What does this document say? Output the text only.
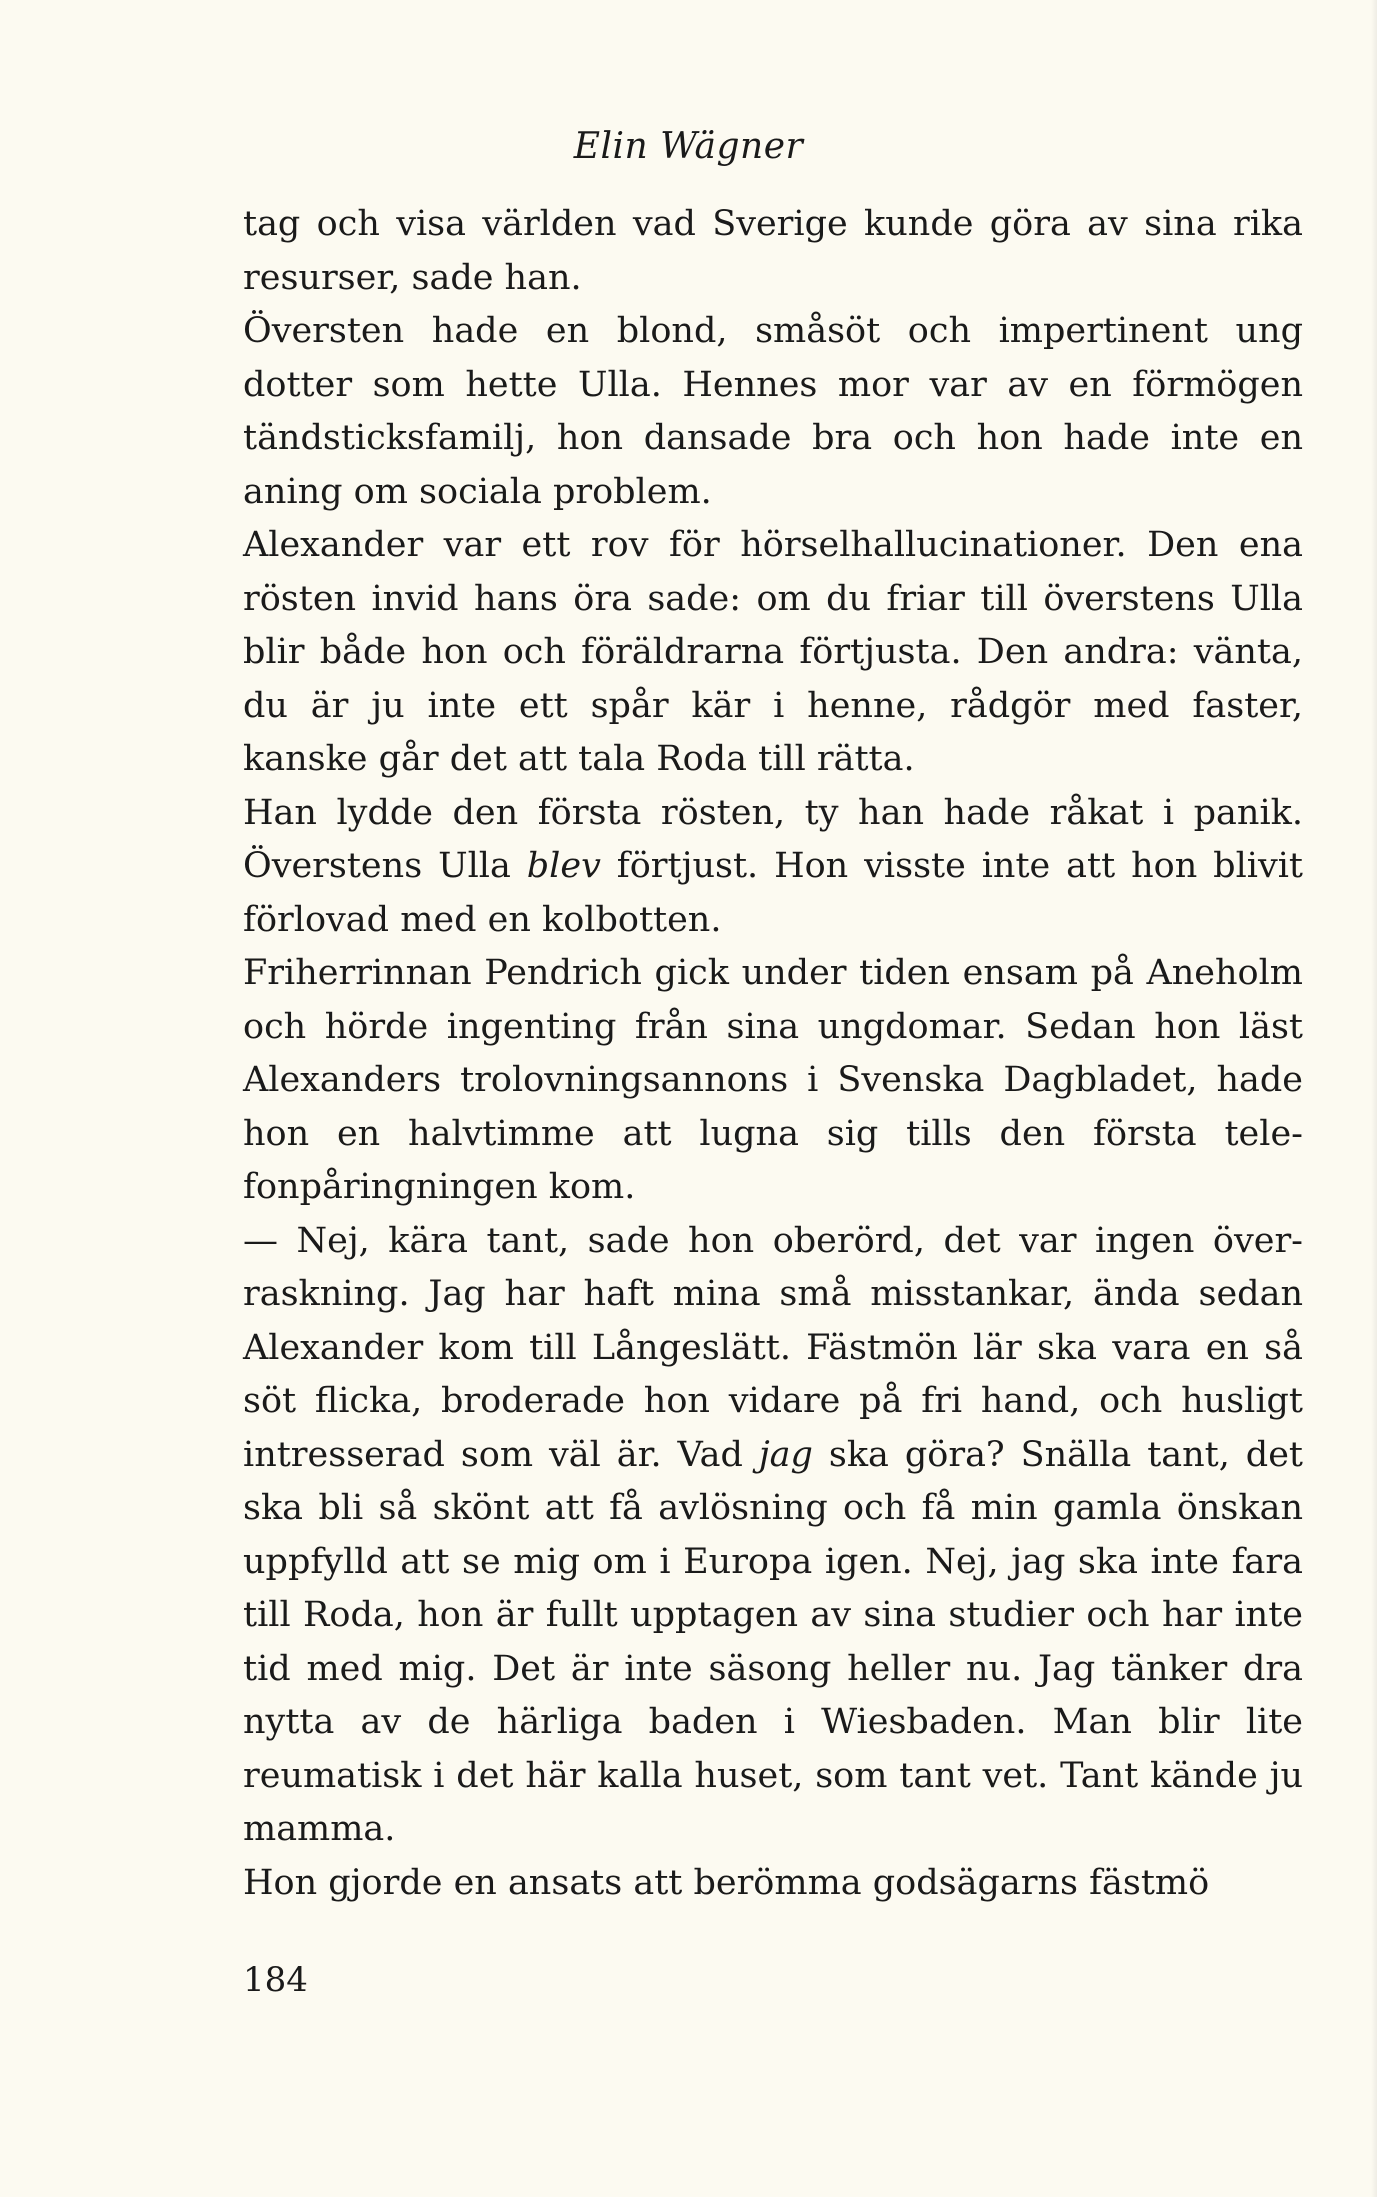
Elin Wägner

tag och visa världen vad Sverige kunde göra av sina rika resurser, sade han.

Översten hade en blond, småsöt och impertinent ung dotter som hette Ulla. Hennes mor var av en förmögen tändsticksfamilj, hon dansade bra och hon hade inte en aning om sociala problem.

Alexander var ett rov för hörselhallucinationer. Den ena rösten invid hans öra sade: om du friar till överstens Ulla blir både hon och föräldrarna förtjusta. Den andra: vänta, du är ju inte ett spår kär i henne, rådgör med faster, kanske går det att tala Roda till rätta.

Han lydde den första rösten, ty han hade råkat i panik. Överstens Ulla blev förtjust. Hon visste inte att hon blivit förlovad med en kolbotten.

Friherrinnan Pendrich gick under tiden ensam på Aneholm och hörde ingenting från sina ungdomar. Sedan hon läst Alexanders trolovningsannons i Svenska Dagbladet, hade hon en halvtimme att lugna sig tills den första telefonpåringningen kom.

— Nej, kära tant, sade hon oberörd, det var ingen överraskning. Jag har haft mina små misstankar, ända sedan Alexander kom till Långeslätt. Fästmön lär ska vara en så söt flicka, broderade hon vidare på fri hand, och husligt intresserad som väl är. Vad jag ska göra? Snälla tant, det ska bli så skönt att få avlösning och få min gamla önskan uppfylld att se mig om i Europa igen. Nej, jag ska inte fara till Roda, hon är fullt upptagen av sina studier och har inte tid med mig. Det är inte säsong heller nu. Jag tänker dra nytta av de härliga baden i Wiesbaden. Man blir lite reumatisk i det här kalla huset, som tant vet. Tant kände ju mamma.

Hon gjorde en ansats att berömma godsägarns fästmö

184
